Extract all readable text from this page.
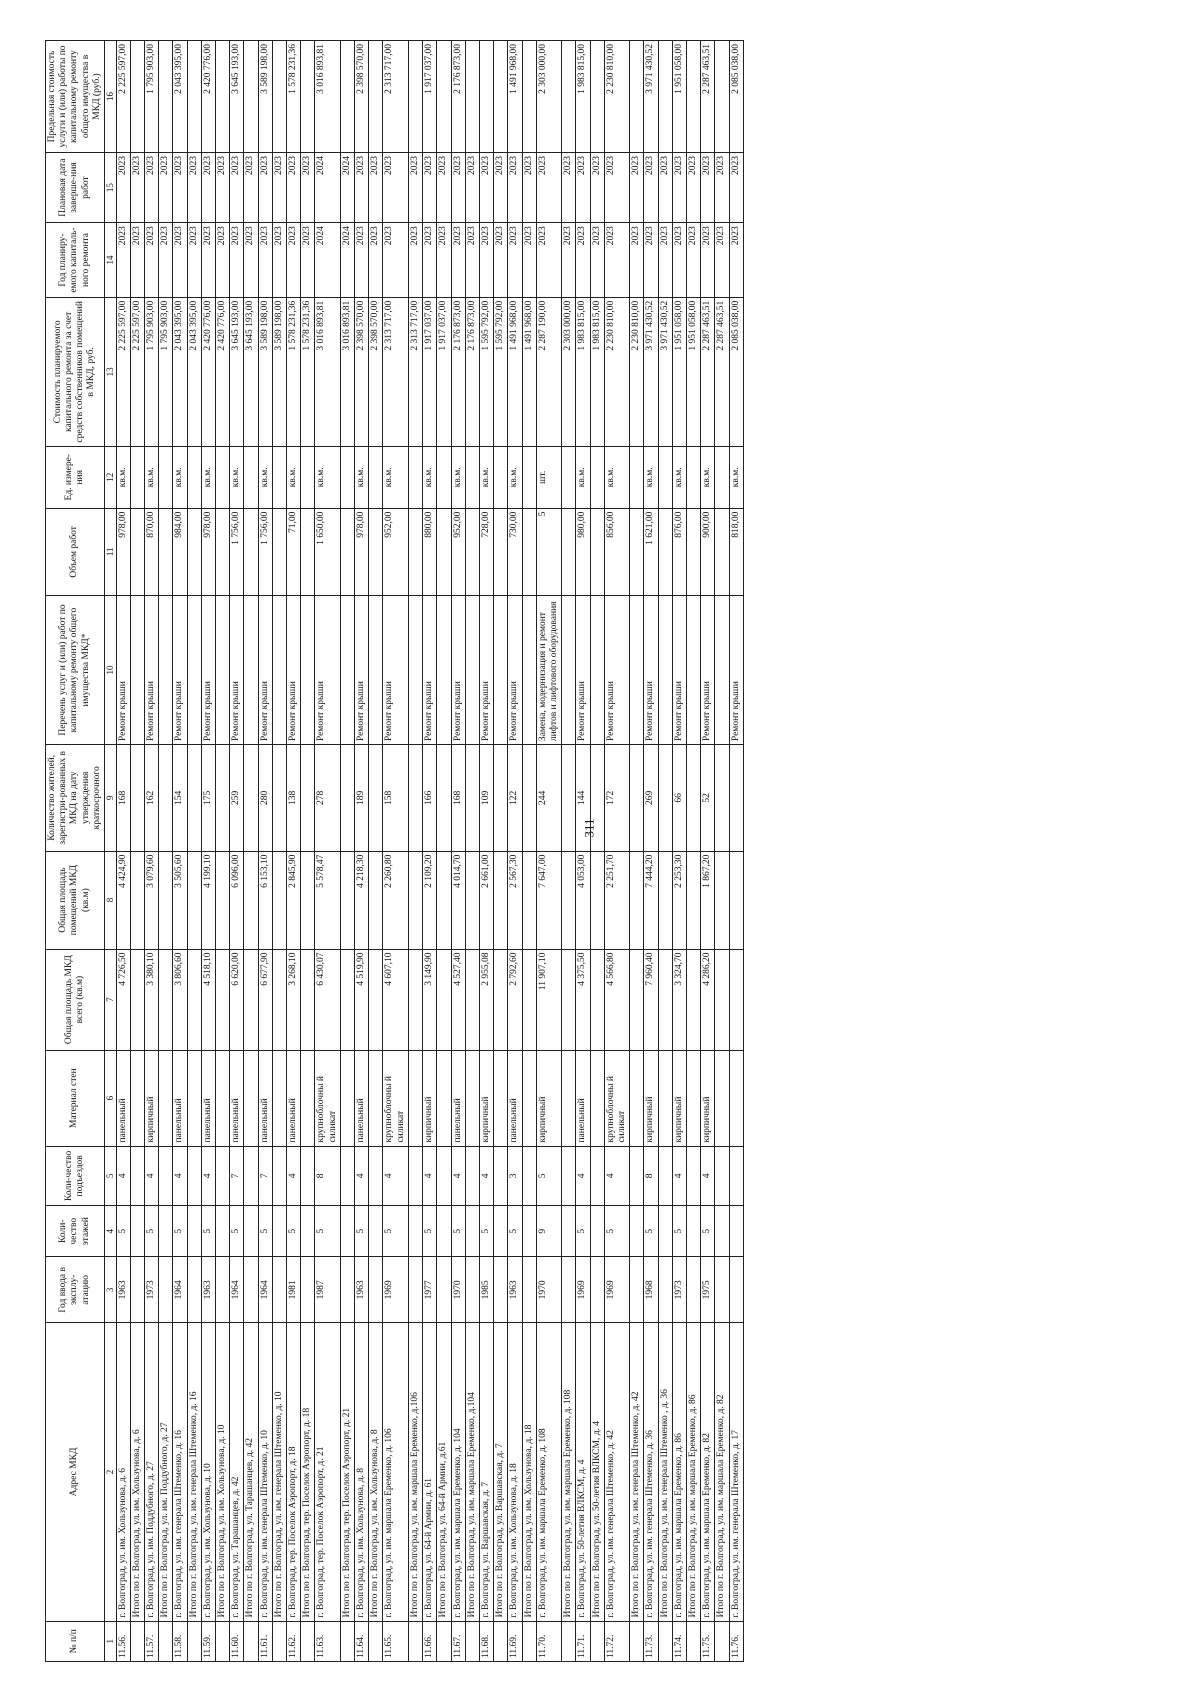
311
№ п/п	Адрес МКД	Год ввода в эксплу-атацию	Коли-чество этажей	Коли-чество подъездов	Материал стен	Общая площадь МКД всего (кв.м)	Общая площадь помещений МКД (кв.м)	Количество жителей, зарегистри-рованных в МКД на дату утверждения краткосрочного	Перечень услуг и (или) работ по капитальному ремонту общего имущества МКД*	Объем работ	Ед. измере-ния	Стоимость планируемого капитального ремонта за счет средств собственников помещений в МКД, руб.	Год планиру-емого капиталь-ного ремонта	Плановая дата заверше-ния работ	Предельная стоимость услуги и (или) работы по капитальному ремонту общего имущества в МКД (руб.)
1	2	3	4	5	6	7	8	9	10	11	12	13	14	15	16
11.56.	г. Волгоград, ул. им. Хользунова, д. 6	1963	5	4	панельный	4 726,50	4 424,90	168	Ремонт крыши	978,00	кв.м.	2 225 597,00	2023	2023	2 225 597,00
	Итого по г. Волгоград, ул. им. Хользунова, д. 6											2 225 597,00	2023	2023	
11.57.	г. Волгоград, ул. им. Поддубного, д. 27	1973	5	4	кирпичный	3 380,10	3 079,60	162	Ремонт крыши	870,00	кв.м.	1 795 903,00	2023	2023	1 795 903,00
	Итого по г. Волгоград, ул. им. Поддубного, д. 27											1 795 903,00	2023	2023	
11.58.	г. Волгоград, ул. им. генерала Штеменко, д. 16	1964	5	4	панельный	3 806,60	3 505,60	154	Ремонт крыши	984,00	кв.м.	2 043 395,00	2023	2023	2 043 395,00
	Итого по г. Волгоград, ул. им. генерала Штеменко, д. 16											2 043 395,00	2023	2023	
11.59.	г. Волгоград, ул. им. Хользунова, д. 10	1963	5	4	панельный	4 518,10	4 199,10	175	Ремонт крыши	978,00	кв.м.	2 420 776,00	2023	2023	2 420 776,00
	Итого по г. Волгоград, ул. им. Хользунова, д. 10											2 420 776,00	2023	2023	
11.60.	г. Волгоград, ул. Тарашанцев, д. 42	1964	5	7	панельный	6 620,00	6 096,00	259	Ремонт крыши	1 756,00	кв.м.	3 645 193,00	2023	2023	3 645 193,00
	Итого по г. Волгоград, ул. Тарашанцев, д. 42											3 645 193,00	2023	2023	
11.61.	г. Волгоград, ул. им. генерала Штеменко, д. 10	1964	5	7	панельный	6 677,90	6 153,10	280	Ремонт крыши	1 756,00	кв.м.	3 589 198,00	2023	2023	3 589 198,00
	Итого по г. Волгоград, ул. им. генерала Штеменко, д. 10											3 589 198,00	2023	2023	
11.62.	г. Волгоград, тер. Поселок Аэропорт, д. 18	1981	5	4	панельный	3 268,10	2 845,90	138	Ремонт крыши	71,00	кв.м.	1 578 231,36	2023	2023	1 578 231,36
	Итого по г. Волгоград, тер. Поселок Аэропорт, д. 18											1 578 231,36	2023	2023	
11.63.	г. Волгоград, тер. Поселок Аэропорт, д. 21	1987	5	8	крупноблочны й силикат	6 430,07	5 578,47	278	Ремонт крыши	1 650,00	кв.м.	3 016 893,81	2024	2024	3 016 893,81
	Итого по г. Волгоград, тер. Поселок Аэропорт, д. 21											3 016 893,81	2024	2024	
11.64.	г. Волгоград, ул. им. Хользунова, д. 8	1963	5	4	панельный	4 519,90	4 218,30	189	Ремонт крыши	978,00	кв.м.	2 398 570,00	2023	2023	2 398 570,00
	Итого по г. Волгоград, ул. им. Хользунова, д. 8											2 398 570,00	2023	2023	
11.65.	г. Волгоград, ул. им. маршала Еременко, д. 106	1969	5	4	крупноблочны й силикат	4 607,10	2 260,80	158	Ремонт крыши	952,00	кв.м.	2 313 717,00	2023	2023	2 313 717,00
	Итого по г. Волгоград, ул. им. маршала Еременко, д.106											2 313 717,00	2023	2023	
11.66.	г. Волгоград, ул. 64-й Армии, д. 61	1977	5	4	кирпичный	3 149,90	2 109,20	166	Ремонт крыши	880,00	кв.м.	1 917 037,00	2023	2023	1 917 037,00
	Итого по г. Волгоград, ул. 64-й Армии, д.61											1 917 037,00	2023	2023	
11.67.	г. Волгоград, ул. им. маршала Еременко, д. 104	1970	5	4	панельный	4 527,40	4 014,70	168	Ремонт крыши	952,00	кв.м.	2 176 873,00	2023	2023	2 176 873,00
	Итого по г. Волгоград, ул. им. маршала Еременко, д.104											2 176 873,00	2023	2023	
11.68.	г. Волгоград, ул. Варшавская, д. 7	1985	5	4	кирпичный	2 955,08	2 661,00	109	Ремонт крыши	728,00	кв.м.	1 595 792,00	2023	2023	
	Итого по г. Волгоград, ул. Варшавская, д. 7											1 595 792,00	2023	2023	
11.69.	г. Волгоград, ул. им. Хользунова, д. 18	1963	5	3	панельный	2 792,60	2 567,30	122	Ремонт крыши	730,00	кв.м.	1 491 968,00	2023	2023	1 491 968,00
	Итого по г. Волгоград, ул. им. Хользунова, д. 18											1 491 968,00	2023	2023	
11.70.	г. Волгоград, ул. им. маршала Еременко, д. 108	1970	9	5	кирпичный	11 907,10	7 647,00	244	Замена, модернизация и ремонт лифтов и лифтового оборудования	5	шт.	2 287 190,00	2023	2023	2 303 000,00
	Итого по г. Волгоград, ул. им. маршала Еременко, д. 108											2 303 000,00	2023	2023	
11.71.	г. Волгоград, ул. 50-летия ВЛКСМ, д. 4	1969	5	4	панельный	4 375,50	4 053,00	144	Ремонт крыши	980,00	кв.м.	1 983 815,00	2023	2023	1 983 815,00
	Итого по г. Волгоград, ул. 50-летия ВЛКСМ, д. 4											1 983 815,00	2023	2023	
11.72.	г. Волгоград, ул. им. генерала Штеменко, д. 42	1969	5	4	крупноблочны й силикат	4 566,80	2 251,70	172	Ремонт крыши	856,00	кв.м.	2 230 810,00	2023	2023	2 230 810,00
	Итого по г. Волгоград, ул. им. генерала Штеменко, д. 42											2 230 810,00	2023	2023	
11.73.	г. Волгоград, ул. им. генерала Штеменко, д. 36	1968	5	8	кирпичный	7 960,40	7 444,20	269	Ремонт крыши	1 621,00	кв.м.	3 971 430,52	2023	2023	3 971 430,52
	Итого по г. Волгоград, ул. им. генерала Штеменко , д. 36											3 971 430,52	2023	2023	
11.74.	г. Волгоград, ул. им. маршала Еременко, д. 86	1973	5	4	кирпичный	3 324,70	2 253,30	66	Ремонт крыши	876,00	кв.м.	1 951 058,00	2023	2023	1 951 058,00
	Итого по г. Волгоград, ул. им. маршала Еременко, д. 86											1 951 058,00	2023	2023	
11.75.	г. Волгоград, ул. им. маршала Еременко, д. 82	1975	5	4	кирпичный	4 286,20	1 867,20	52	Ремонт крыши	900,00	кв.м.	2 287 463,51	2023	2023	2 287 463,51
	Итого по г. Волгоград, ул. им. маршала Еременко, д. 82											2 287 463,51	2023	2023	
11.76.	г. Волгоград, ул. им. генерала Штеменко, д. 17								Ремонт крыши	818,00	кв.м.	2 085 038,00	2023	2023	2 085 038,00
